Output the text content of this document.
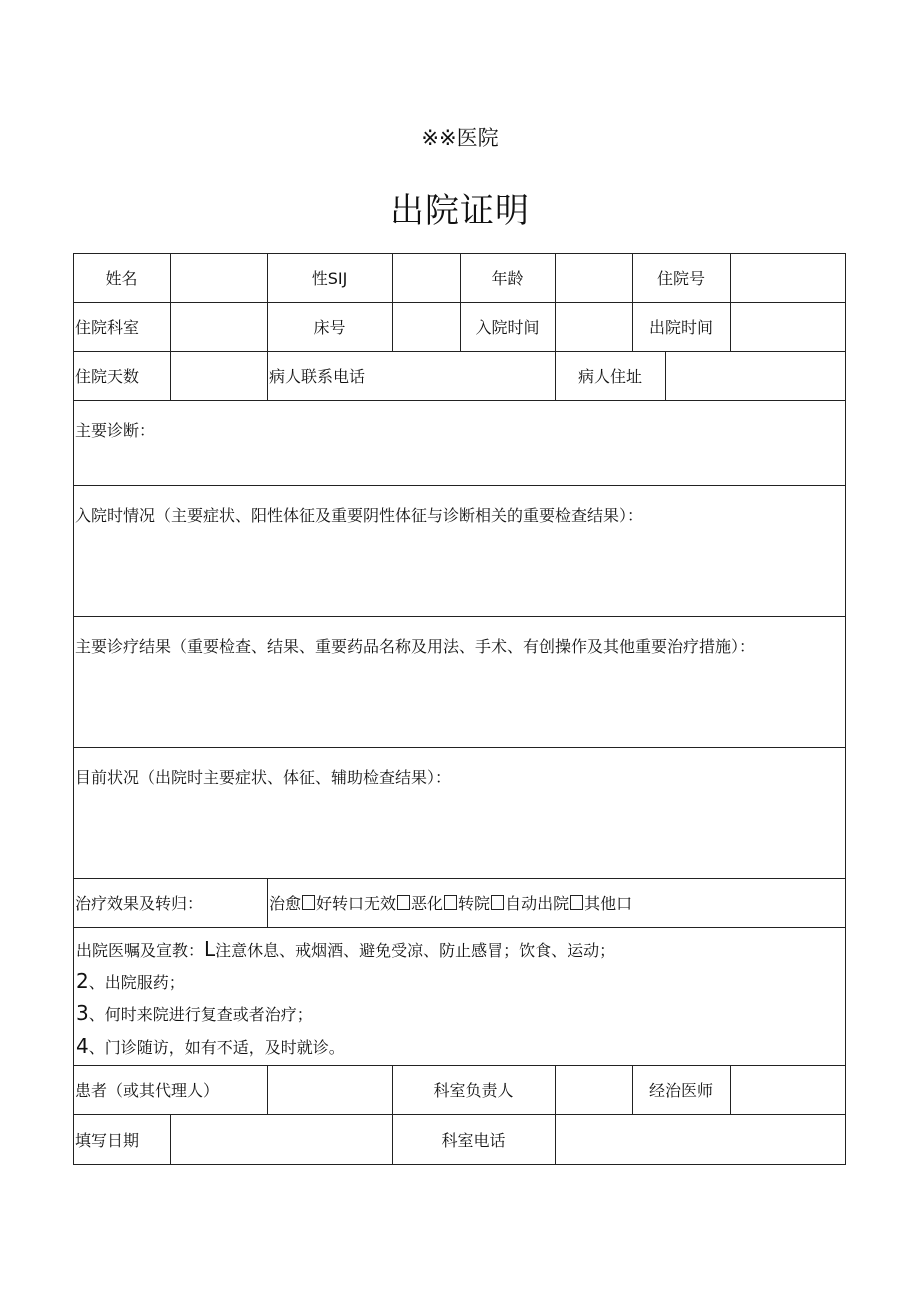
※※医院
出院证明
姓名	性SIJ	年龄	住院号
住院科室	床号	入院时间	出院时间
住院天数	病人联系电话	病人住址
主要诊断：
入院时情况（主要症状、阳性体征及重要阴性体征与诊断相关的重要检查结果）：
主要诊疗结果（重要检查、结果、重要药品名称及用法、手术、有创操作及其他重要治疗措施）：
目前状况（出院时主要症状、体征、辅助检查结果）：
治疗效果及转归：	治愈 好转口无效 恶化 转院 自动出院 其他口
出院医嘱及宣教：L注意休息、戒烟酒、避免受凉、防止感冒；饮食、运动；
2、出院服药；
3、何时来院进行复查或者治疗；
4、门诊随访，如有不适，及时就诊。
患者（或其代理人）	科室负责人	经治医师
填写日期	科室电话
